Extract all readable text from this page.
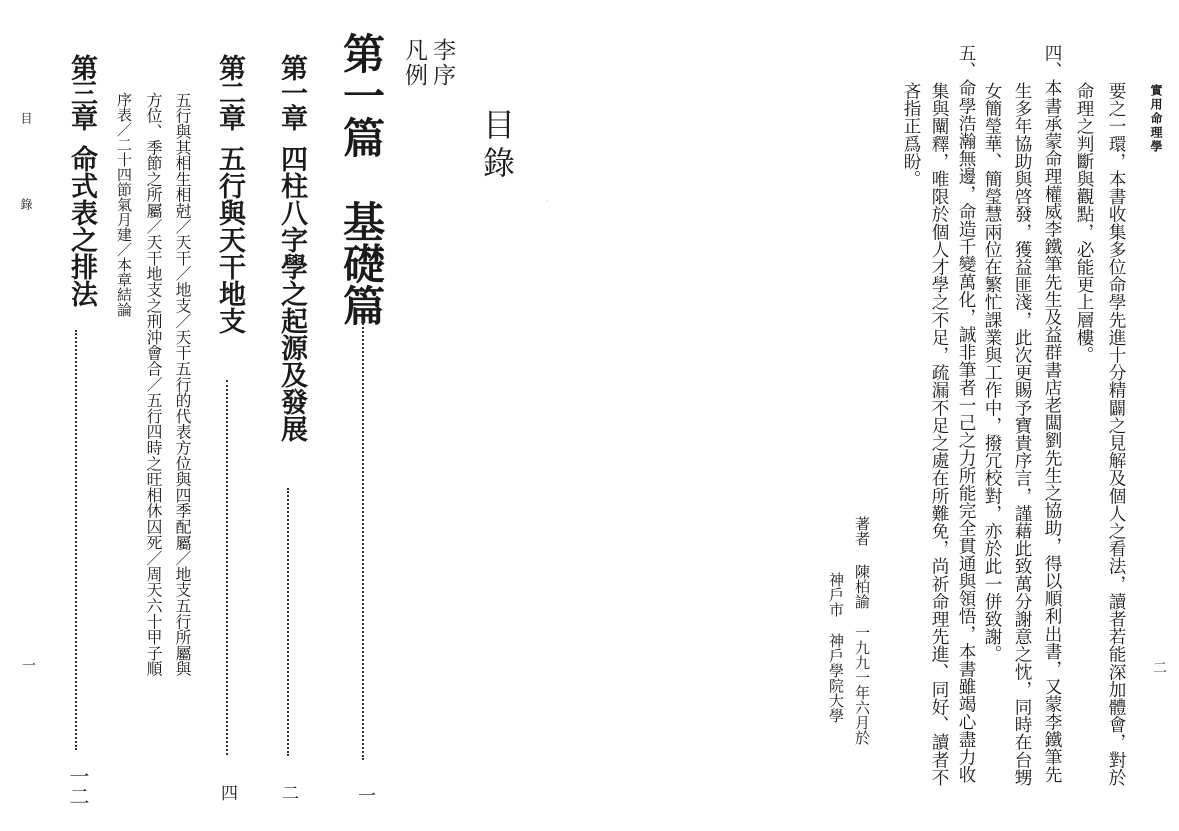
目 錄
一
第三章命式表之排法
一二
序表／二十四節氣月建／本章結論 方位、季節之所屬／天干地支之刑沖會合／五行四時之旺相休囚死／周天六十甲子順 五行與其相生相尅／天干／地支／天干五行的代表方位與四季配屬／地支五行所屬與
第二章五行與天干地支
四
第一章四柱八字學之起源及發展
二
第一篇　基礎篇
一
凡例 李序
目錄
˙
實用命理學
二
要之一環，本書收集多位命學先進十分精闢之見解及個人之看法，讀者若能深加體會，對於
命理之判斷與觀點，必能更上層樓。
四、本書承蒙命理權威李鐵筆先生及益群書店老闆劉先生之協助，得以順利出書，又蒙李鐵筆先
生多年協助與啓發，獲益匪淺，此次更賜予寶貴序言，謹藉此致萬分謝意之忱，同時在台甥
女簡瑩華、簡瑩慧兩位在繁忙課業與工作中，撥冗校對，亦於此一併致謝。
五、命學浩瀚無邊，命造千變萬化，誠非筆者一己之力所能完全貫通與領悟，本書雖竭心盡力收
集與闡釋，唯限於個人才學之不足，疏漏不足之處在所難免，尚祈命理先進、同好、讀者不
吝指正爲盼。
著者陳柏諭一九九一年六月於
神戶市神戶學院大學
